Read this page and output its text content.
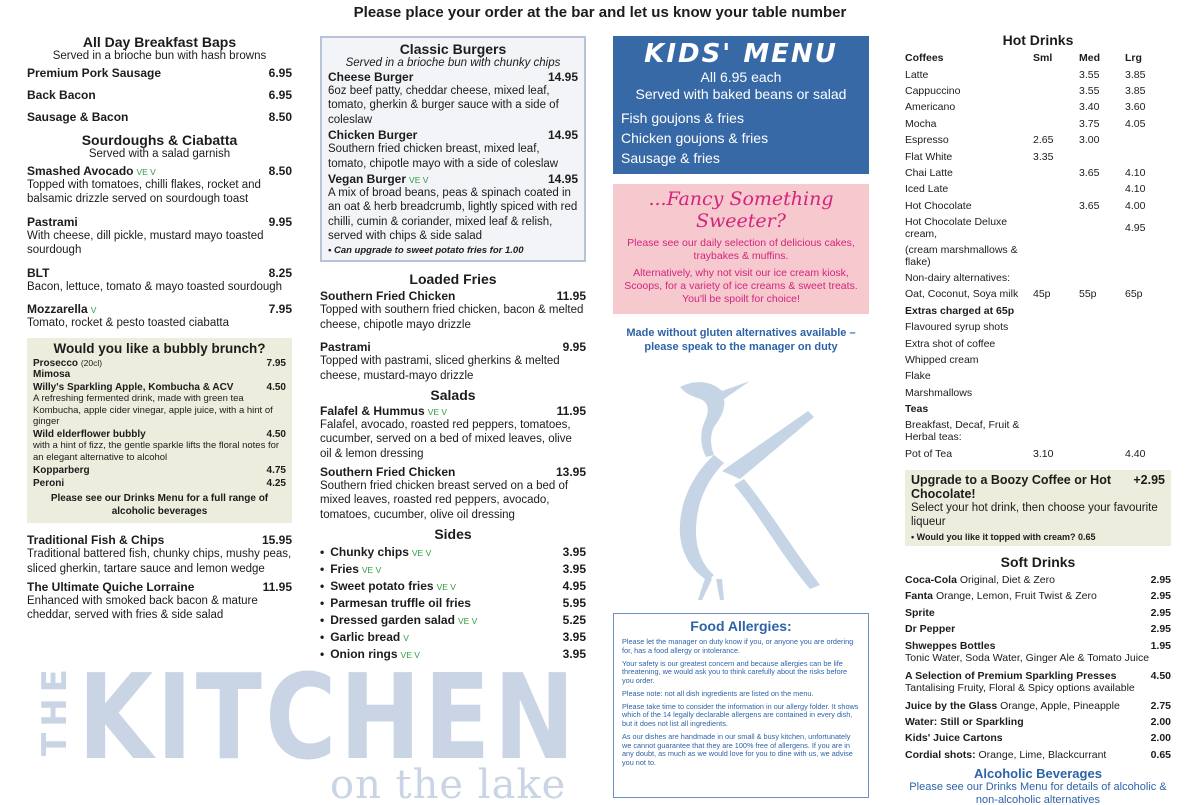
Please place your order at the bar and let us know your table number
All Day Breakfast Baps
Served in a brioche bun with hash browns
Premium Pork Sausage	6.95
Back Bacon	6.95
Sausage & Bacon	8.50
Sourdoughs & Ciabatta
Served with a salad garnish
Smashed Avocado VE V	8.50
Topped with tomatoes, chilli flakes, rocket and balsamic drizzle served on sourdough toast
Pastrami	9.95
With cheese, dill pickle, mustard mayo toasted sourdough
BLT	8.25
Bacon, lettuce, tomato & mayo toasted sourdough
Mozzarella V	7.95
Tomato, rocket & pesto toasted ciabatta
Would you like a bubbly brunch?
Prosecco (20cl)	7.95
Mimosa
Willy's Sparkling Apple, Kombucha & ACV	4.50
A refreshing fermented drink, made with green tea Kombucha, apple cider vinegar, apple juice, with a hint of ginger
Wild elderflower bubbly	4.50
with a hint of fizz, the gentle sparkle lifts the floral notes for an elegant alternative to alcohol
Kopparberg	4.75
Peroni	4.25
Please see our Drinks Menu for a full range of alcoholic beverages
Traditional Fish & Chips	15.95
Traditional battered fish, chunky chips, mushy peas, sliced gherkin, tartare sauce and lemon wedge
The Ultimate Quiche Lorraine	11.95
Enhanced with smoked back bacon & mature cheddar, served with fries & side salad
Classic Burgers
Served in a brioche bun with chunky chips
Cheese Burger	14.95
6oz beef patty, cheddar cheese, mixed leaf, tomato, gherkin & burger sauce with a side of coleslaw
Chicken Burger	14.95
Southern fried chicken breast, mixed leaf, tomato, chipotle mayo with a side of coleslaw
Vegan Burger VE V	14.95
A mix of broad beans, peas & spinach coated in an oat & herb breadcrumb, lightly spiced with red chilli, cumin & coriander, mixed leaf & relish, served with chips & side salad
• Can upgrade to sweet potato fries for 1.00
Loaded Fries
Southern Fried Chicken	11.95
Topped with southern fried chicken, bacon & melted cheese, chipotle mayo drizzle
Pastrami	9.95
Topped with pastrami, sliced gherkins & melted cheese, mustard-mayo drizzle
Salads
Falafel & Hummus VE V	11.95
Falafel, avocado, roasted red peppers, tomatoes, cucumber, served on a bed of mixed leaves, olive oil & lemon dressing
Southern Fried Chicken	13.95
Southern fried chicken breast served on a bed of mixed leaves, roasted red peppers, avocado, tomatoes, cucumber, olive oil dressing
Sides
• Chunky chips VE V	3.95
• Fries VE V	3.95
• Sweet potato fries VE V	4.95
• Parmesan truffle oil fries	5.95
• Dressed garden salad VE V	5.25
• Garlic bread V	3.95
• Onion rings VE V	3.95
KIDS' MENU
All 6.95 each
Served with baked beans or salad
Fish goujons & fries
Chicken goujons & fries
Sausage & fries
...Fancy Something Sweeter?
Please see our daily selection of delicious cakes, traybakes & muffins.
Alternatively, why not visit our ice cream kiosk, Scoops, for a variety of ice creams & sweet treats. You'll be spoilt for choice!
Made without gluten alternatives available – please speak to the manager on duty
Food Allergies:

Please let the manager on duty know if you, or anyone you are ordering for, has a food allergy or intolerance.

Your safety is our greatest concern and because allergies can be life threatening, we would ask you to think carefully about the risks before you order.

Please note: not all dish ingredients are listed on the menu.

Please take time to consider the information in our allergy folder. It shows which of the 14 legally declarable allergens are contained in every dish, but it does not list all ingredients.

As our dishes are handmade in our small & busy kitchen, unfortunately we cannot guarantee that they are 100% free of allergens. If you are in any doubt, as much as we would love for you to dine with us, we advise you not to.

Hot Drinks
Coffees	Sml	Med	Lrg
Latte		3.55	3.85
Cappuccino		3.55	3.85
Americano		3.40	3.60
Mocha		3.75	4.05
Espresso	2.65	3.00	
Flat White	3.35		
Chai Latte		3.65	4.10
Iced Late			4.10
Hot Chocolate		3.65	4.00
Hot Chocolate Deluxe cream,			4.95
(cream marshmallows & flake)			
Non-dairy alternatives:			
Oat, Coconut, Soya milk	45p	55p	65p
Extras charged at 65p			
Flavoured syrup shots			
Extra shot of coffee			
Whipped cream			
Flake			
Marshmallows			
Teas			
Breakfast, Decaf, Fruit & Herbal teas:			
Pot of Tea	3.10		4.40
Upgrade to a Boozy Coffee or Hot Chocolate!
+2.95
Select your hot drink, then choose your favourite liqueur
• Would you like it topped with cream? 0.65
Soft Drinks
Coca-Cola Original, Diet & Zero	2.95
Fanta Orange, Lemon, Fruit Twist & Zero	2.95
Sprite	2.95
Dr Pepper	2.95
Shweppes Bottles	1.95
Tonic Water, Soda Water, Ginger Ale & Tomato Juice
A Selection of Premium Sparkling Presses	4.50
Tantalising Fruity, Floral & Spicy options available
Juice by the Glass Orange, Apple, Pineapple	2.75
Water: Still or Sparkling	2.00
Kids' Juice Cartons	2.00
Cordial shots: Orange, Lime, Blackcurrant	0.65
Alcoholic Beverages
Please see our Drinks Menu for details of alcoholic & non-alcoholic alternatives
THE KITCHEN
on the lake
